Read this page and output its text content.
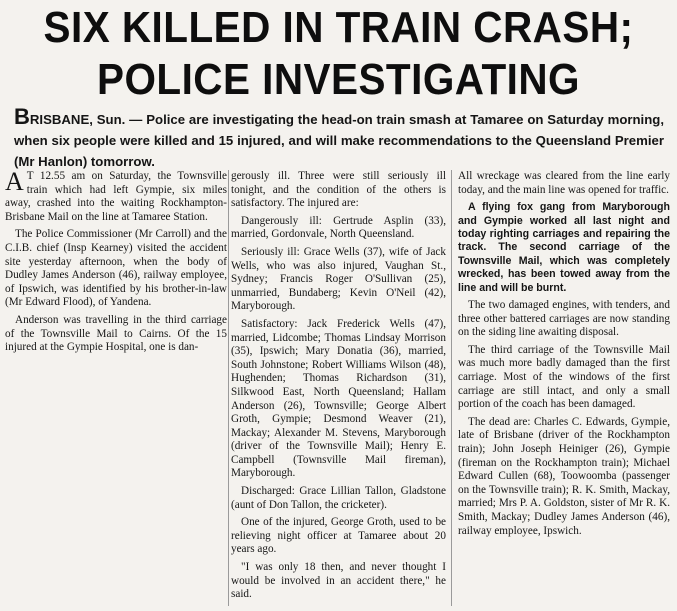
SIX KILLED IN TRAIN CRASH;
POLICE INVESTIGATING
BRISBANE, Sun. — Police are investigating the head-on train smash at Tamaree on Saturday morning, when six people were killed and 15 injured, and will make recommendations to the Queensland Premier (Mr Hanlon) tomorrow.

A T 12.55 am on Saturday, the Townsville train which had left Gympie, six miles away, crashed into the waiting Rockhampton-Brisbane Mail on the line at Tamaree Station.

The Police Commissioner (Mr Carroll) and the C.I.B. chief (Insp Kearney) visited the accident site yesterday afternoon, when the body of Dudley James Anderson (46), railway employee, of Ipswich, was identified by his brother-in-law (Mr Edward Flood), of Yandena.

Anderson was travelling in the third carriage of the Townsville Mail to Cairns. Of the 15 injured at the Gympie Hospital, one is dan-

gerously ill. Three were still seriously ill tonight, and the condition of the others is satisfactory. The injured are:

Dangerously ill: Gertrude Asplin (33), married, Gordonvale, North Queensland.

Seriously ill: Grace Wells (37), wife of Jack Wells, who was also injured, Vaughan St., Sydney; Francis Roger O'Sullivan (25), unmarried, Bundaberg; Kevin O'Neil (42), Maryborough.

Satisfactory: Jack Frederick Wells (47), married, Lidcombe; Thomas Lindsay Morrison (35), Ipswich; Mary Donatia (36), married, South Johnstone; Robert Williams Wilson (48), Hughenden; Thomas Richardson (31), Silkwood East, North Queensland; Hallam Anderson (26), Townsville; George Albert Groth, Gympie; Desmond Weaver (21), Mackay; Alexander M. Stevens, Maryborough (driver of the Townsville Mail); Henry E. Campbell (Townsville Mail fireman), Maryborough.

Discharged: Grace Lillian Tallon, Gladstone (aunt of Don Tallon, the cricketer).

One of the injured, George Groth, used to be relieving night officer at Tamaree about 20 years ago.

"I was only 18 then, and never thought I would be involved in an accident there," he said.

All wreckage was cleared from the line early today, and the main line was opened for traffic.

A flying fox gang from Maryborough and Gympie worked all last night and today righting carriages and repairing the track. The second carriage of the Townsville Mail, which was completely wrecked, has been towed away from the line and will be burnt.

The two damaged engines, with tenders, and three other battered carriages are now standing on the siding line awaiting disposal.

The third carriage of the Townsville Mail was much more badly damaged than the first carriage. Most of the windows of the first carriage are still intact, and only a small portion of the coach has been damaged.

The dead are: Charles C. Edwards, Gympie, late of Brisbane (driver of the Rockhampton train); John Joseph Heiniger (26), Gympie (fireman on the Rockhampton train); Michael Edward Cullen (68), Toowoomba (passenger on the Townsville train); R. K. Smith, Mackay, married; Mrs P. A. Goldston, sister of Mr R. K. Smith, Mackay; Dudley James Anderson (46), railway employee, Ipswich.
